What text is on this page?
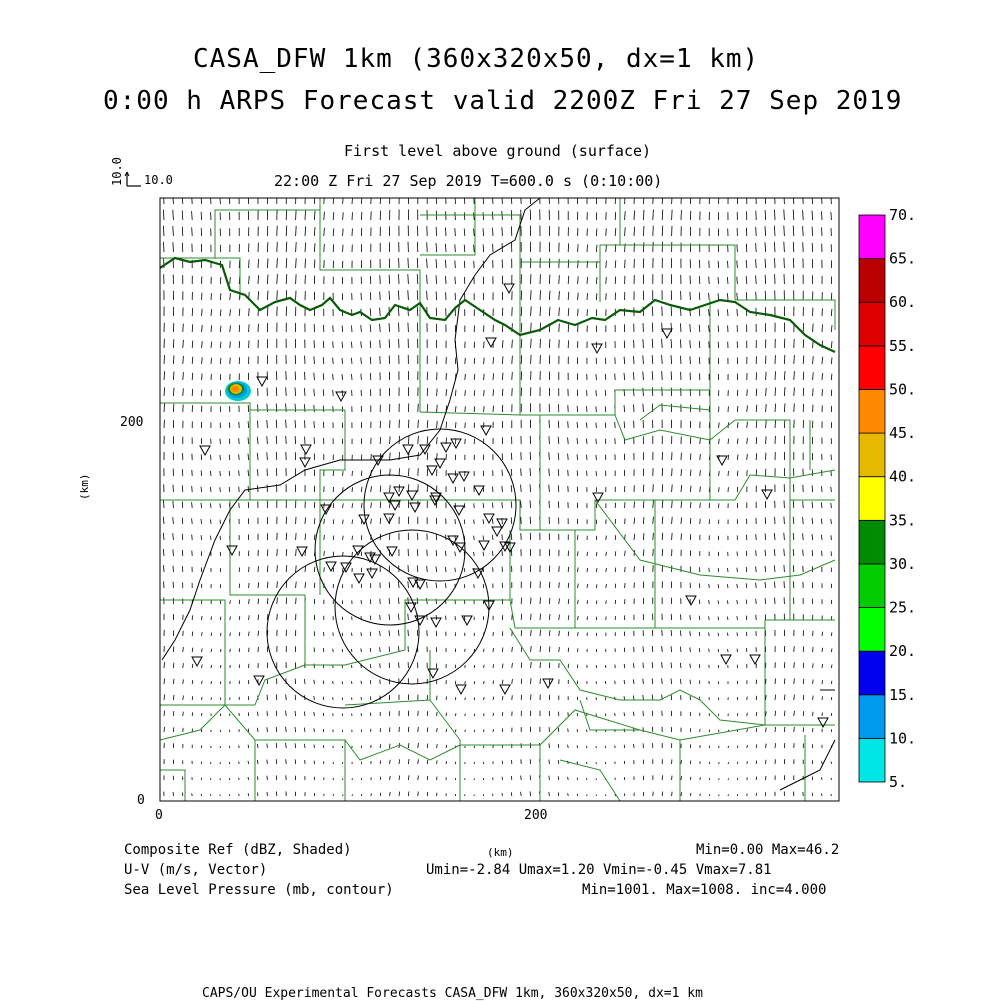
CASA_DFW 1km (360x320x50, dx=1 km)
0:00 h ARPS Forecast valid 2200Z Fri 27 Sep 2019
First level above ground (surface)
22:00 Z Fri 27 Sep 2019 T=600.0 s (0:10:00)
10.0
10.0
5.
10.
15.
20.
25.
30.
35.
40.
45.
50.
55.
60.
65.
70.
200
0
0	200
(km)
Composite Ref (dBZ, Shaded)
U-V (m/s, Vector)
Sea Level Pressure (mb, contour)
(km)	Min=0.00 Max=46.2
Umin=-2.84 Umax=1.20 Vmin=-0.45 Vmax=7.81
Min=1001. Max=1008. inc=4.000
CAPS/OU Experimental Forecasts CASA_DFW 1km, 360x320x50, dx=1 km
